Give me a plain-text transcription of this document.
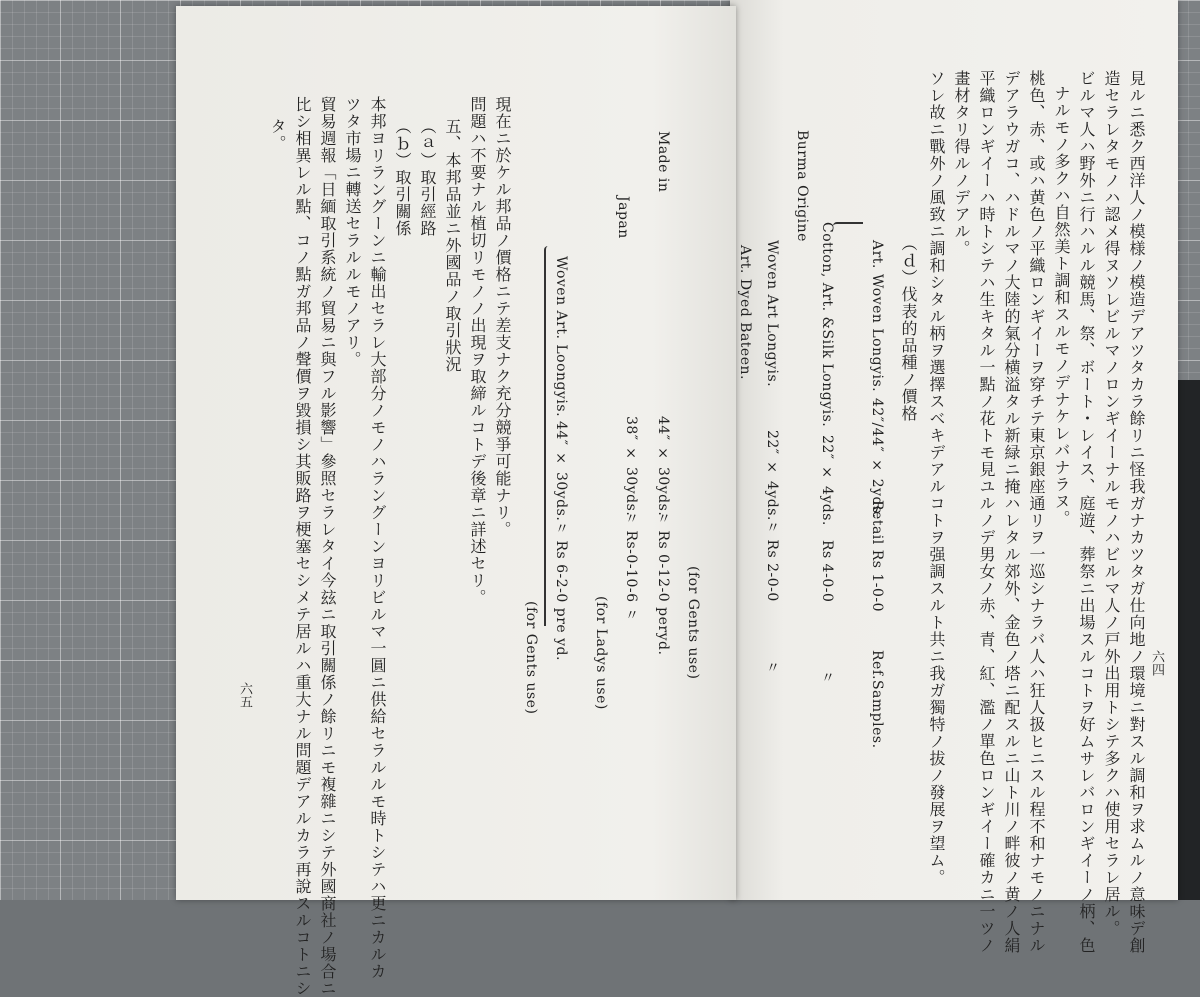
六四
見ルニ悉ク西洋人ノ模様ノ模造デアツタカラ餘リニ怪我ガナカツタガ仕向地ノ環境ニ對スル調和ヲ求ムルノ意味デ創
造セラレタモノハ認メ得ヌソレビルマノロンギイーナルモノハビルマ人ノ戸外出用トシテ多クハ使用セラレ居ル。
ビルマ人ハ野外ニ行ハルル競馬、祭、ボート・レイス、庭遊、葬祭ニ出場スルコトヲ好ムサレバロンギイーノ柄、色
ナルモノ多クハ自然美ト調和スルモノデナケレバナラヌ。
桃色、赤、或ハ黄色ノ平織ロンギイーヲ穿チテ東京銀座通リヲ一巡シナラバ人ハ狂人扱ヒニスル程不和ナモノニナル
デアラウガコ、ハドルマノ大陸的氣分横溢タル新緑ニ掩ハレタル郊外、金色ノ塔ニ配スルニ山ト川ノ畔彼ノ黄ノ人絹
平織ロンギイーハ時トシテハ生キタル一點ノ花トモ見ユルノデ男女ノ赤、青、紅、濫ノ單色ロンギイー確カニ一ツノ
畫材タリ得ルノデアル。
ソレ故ニ戰外ノ風致ニ調和シタル柄ヲ選擇スベキデアルコトヲ强調スルト共ニ我ガ獨特ノ拔ノ發展ヲ望ム。
（ｄ）伐表的品種ノ價格
Art. Woven Longyis.
42″/44″ × 2yds.
Retail Rs 1-0-0
Ref.Samples.
Burma Origine
Cotton, Art. &Silk Longyis.
22″ × 4yds.
Rs 4-0-0
〃
Woven Art Longyis.
22″ × 4yds.
〃 Rs 2-0-0
〃
Art. Dyed Bateen.
六五
44″ × 30yds.
〃 Rs 0-12-0 peryd. (for Gents use)
Made in
38″ × 30yds.
〃 Rs-0-10-6 〃
Japan
(for Ladys use)
Woven Art. Loongyis.
44″ × 30yds.
〃 Rs 6-2-0 pre yd.
(for Gents use)
現在ニ於ケル邦品ノ價格ニテ差支ナク充分競爭可能ナリ。
問題ハ不要ナル植切リモノノ出現ヲ取締ルコトデ後章ニ詳述セリ。
五、本邦品並ニ外國品ノ取引狀況
（ａ）取引經路
（ｂ）取引關係
本邦ヨリラングーンニ輸出セラレ大部分ノモノハラングーンヨリビルマ一圓ニ供給セラルルモ時トシテハ更ニカルカ
ツタ市場ニ轉送セラルルモノアリ。
貿易週報「日緬取引系統ノ貿易ニ與フル影響」參照セラレタイ今玆ニ取引關係ノ餘リニモ複雜ニシテ外國商社ノ場合ニ
比シ相異レル點、コノ點ガ邦品ノ聲價ヲ毀損シ其販路ヲ梗塞セシメテ居ルハ重大ナル問題デアルカラ再說スルコトニシ
タ。
